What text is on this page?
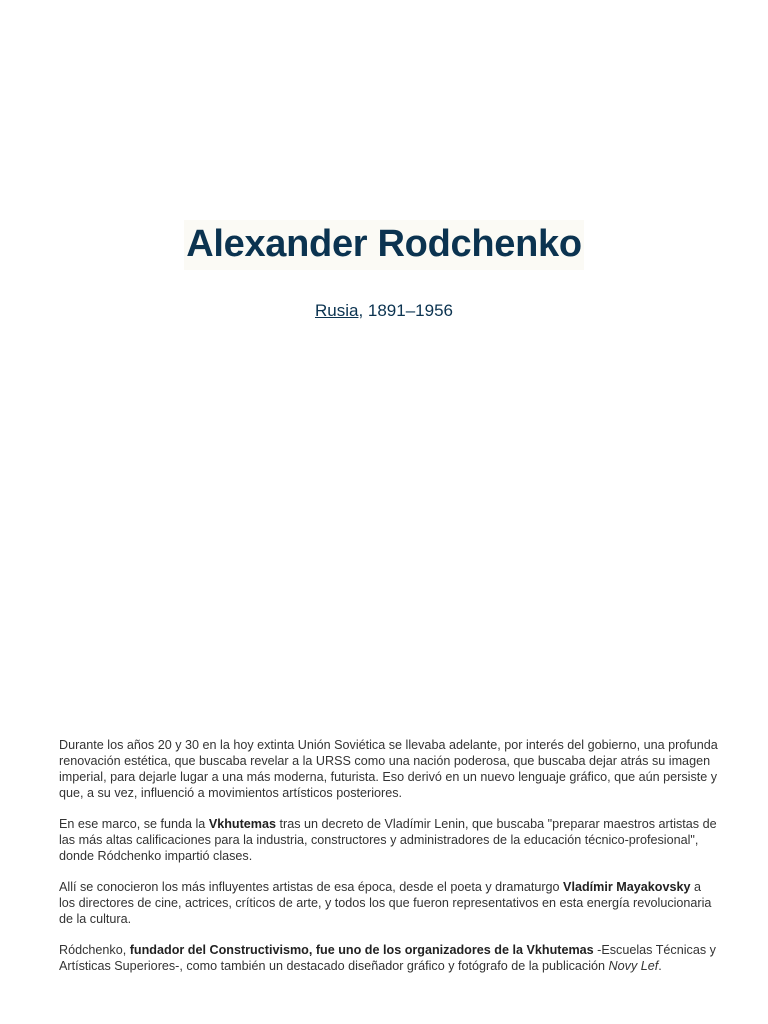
Alexander Rodchenko
Rusia, 1891–1956

Durante los años 20 y 30 en la hoy extinta Unión Soviética se llevaba adelante, por interés del gobierno, una profunda renovación estética, que buscaba revelar a la URSS como una nación poderosa, que buscaba dejar atrás su imagen imperial, para dejarle lugar a una más moderna, futurista. Eso derivó en un nuevo lenguaje gráfico, que aún persiste y que, a su vez, influenció a movimientos artísticos posteriores.

En ese marco, se funda la Vkhutemas tras un decreto de Vladímir Lenin, que buscaba "preparar maestros artistas de las más altas calificaciones para la industria, constructores y administradores de la educación técnico-profesional", donde Ródchenko impartió clases.

Allí se conocieron los más influyentes artistas de esa época, desde el poeta y dramaturgo Vladímir Mayakovsky a los directores de cine, actrices, críticos de arte, y todos los que fueron representativos en esta energía revolucionaria de la cultura.

Ródchenko, fundador del Constructivismo, fue uno de los organizadores de la Vkhutemas -Escuelas Técnicas y Artísticas Superiores-, como también un destacado diseñador gráfico y fotógrafo de la publicación Novy Lef.
